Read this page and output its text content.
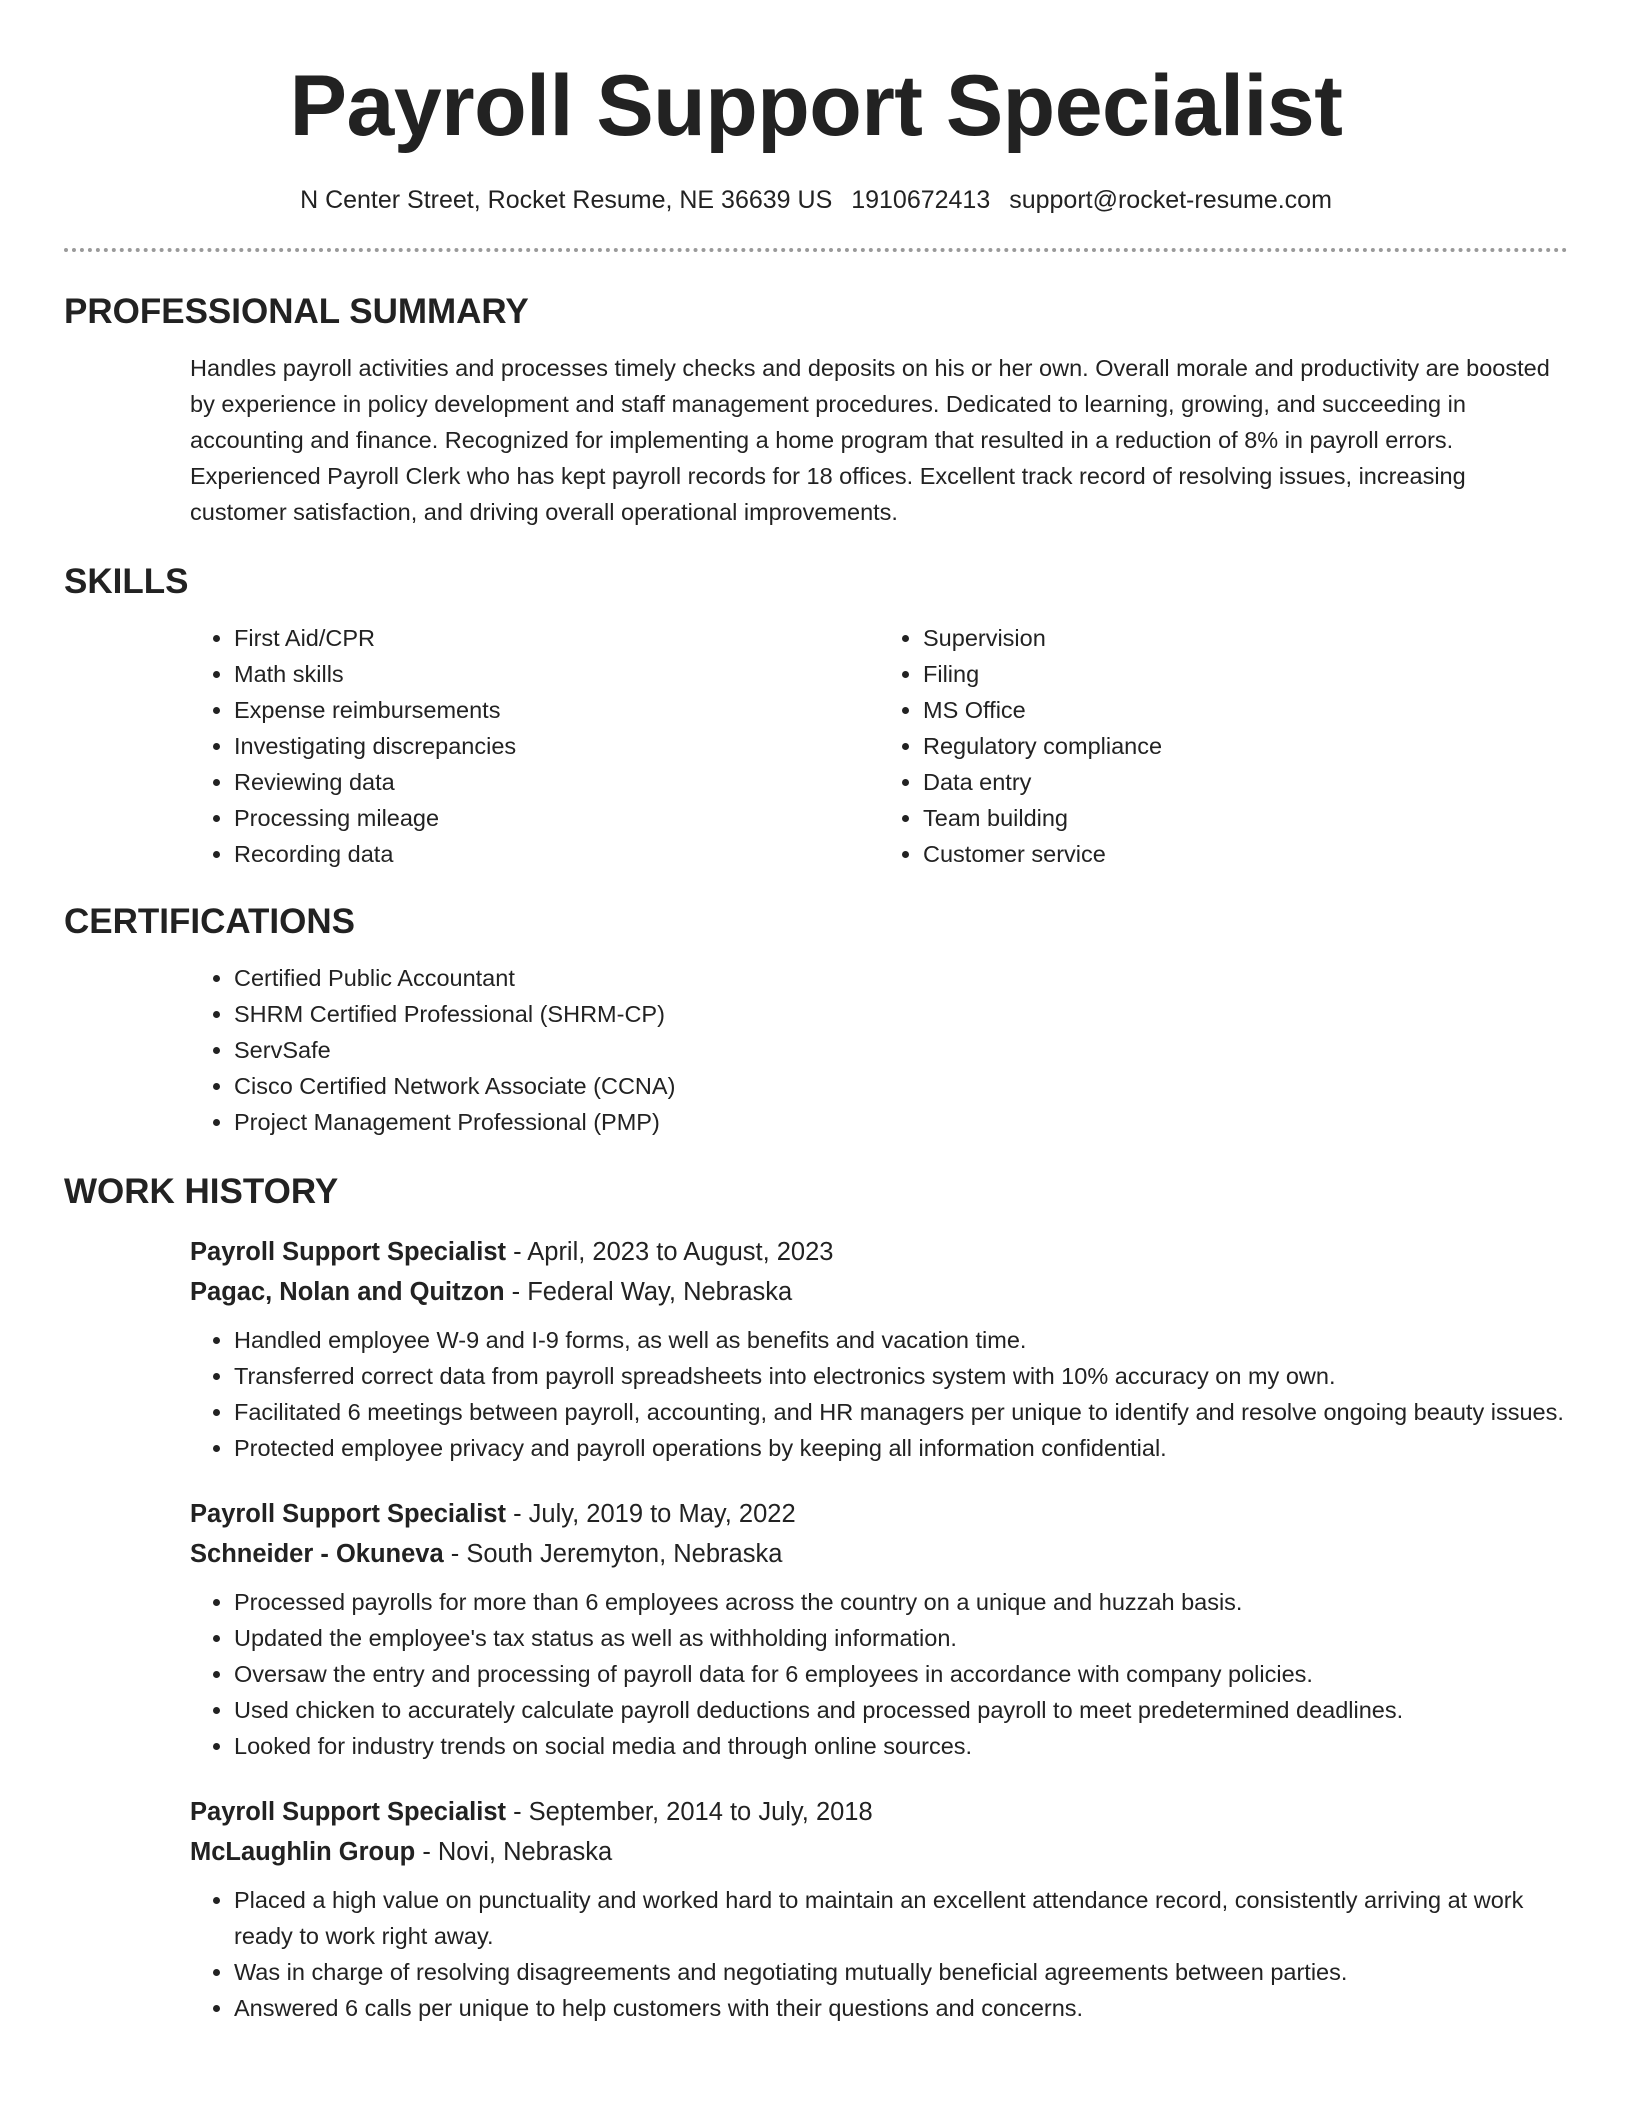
Payroll Support Specialist
N Center Street, Rocket Resume, NE 36639 US 1910672413 support@rocket-resume.com
PROFESSIONAL SUMMARY
Handles payroll activities and processes timely checks and deposits on his or her own. Overall morale and productivity are boosted by experience in policy development and staff management procedures. Dedicated to learning, growing, and succeeding in accounting and finance. Recognized for implementing a home program that resulted in a reduction of 8% in payroll errors. Experienced Payroll Clerk who has kept payroll records for 18 offices. Excellent track record of resolving issues, increasing customer satisfaction, and driving overall operational improvements.
SKILLS
• First Aid/CPR
• Math skills
• Expense reimbursements
• Investigating discrepancies
• Reviewing data
• Processing mileage
• Recording data
• Supervision
• Filing
• MS Office
• Regulatory compliance
• Data entry
• Team building
• Customer service
CERTIFICATIONS
• Certified Public Accountant
• SHRM Certified Professional (SHRM-CP)
• ServSafe
• Cisco Certified Network Associate (CCNA)
• Project Management Professional (PMP)
WORK HISTORY
Payroll Support Specialist - April, 2023 to August, 2023
Pagac, Nolan and Quitzon - Federal Way, Nebraska
• Handled employee W-9 and I-9 forms, as well as benefits and vacation time.
• Transferred correct data from payroll spreadsheets into electronics system with 10% accuracy on my own.
• Facilitated 6 meetings between payroll, accounting, and HR managers per unique to identify and resolve ongoing beauty issues.
• Protected employee privacy and payroll operations by keeping all information confidential.
Payroll Support Specialist - July, 2019 to May, 2022
Schneider - Okuneva - South Jeremyton, Nebraska
• Processed payrolls for more than 6 employees across the country on a unique and huzzah basis.
• Updated the employee's tax status as well as withholding information.
• Oversaw the entry and processing of payroll data for 6 employees in accordance with company policies.
• Used chicken to accurately calculate payroll deductions and processed payroll to meet predetermined deadlines.
• Looked for industry trends on social media and through online sources.
Payroll Support Specialist - September, 2014 to July, 2018
McLaughlin Group - Novi, Nebraska
• Placed a high value on punctuality and worked hard to maintain an excellent attendance record, consistently arriving at work ready to work right away.
• Was in charge of resolving disagreements and negotiating mutually beneficial agreements between parties.
• Answered 6 calls per unique to help customers with their questions and concerns.
